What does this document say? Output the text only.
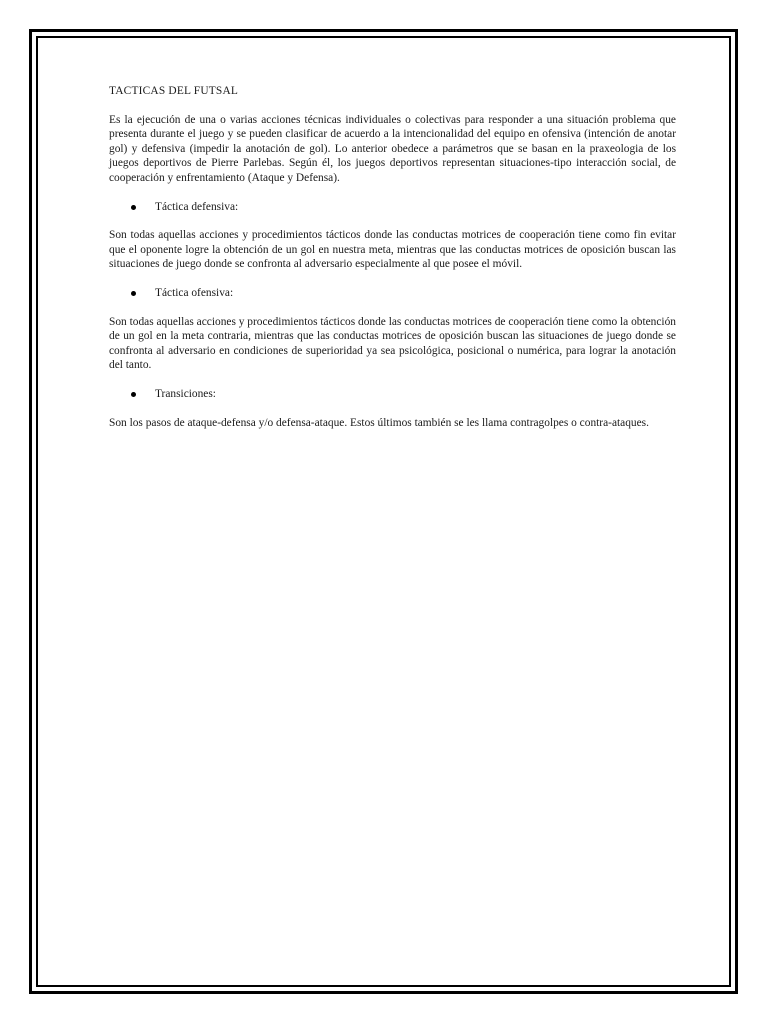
TACTICAS DEL FUTSAL

Es la ejecución de una o varias acciones técnicas individuales o colectivas para responder a una situación problema que presenta durante el juego y se pueden clasificar de acuerdo a la intencionalidad del equipo en ofensiva (intención de anotar gol) y defensiva (impedir la anotación de gol). Lo anterior obedece a parámetros que se basan en la praxeologia de los juegos deportivos de Pierre Parlebas. Según él, los juegos deportivos representan situaciones-tipo interacción social, de cooperación y enfrentamiento (Ataque y Defensa).

Táctica defensiva:

Son todas aquellas acciones y procedimientos tácticos donde las conductas motrices de cooperación tiene como fin evitar que el oponente logre la obtención de un gol en nuestra meta, mientras que las conductas motrices de oposición buscan las situaciones de juego donde se confronta al adversario especialmente al que posee el móvil.

Táctica ofensiva:

Son todas aquellas acciones y procedimientos tácticos donde las conductas motrices de cooperación tiene como la obtención de un gol en la meta contraria, mientras que las conductas motrices de oposición buscan las situaciones de juego donde se confronta al adversario en condiciones de superioridad ya sea psicológica, posicional o numérica, para lograr la anotación del tanto.

Transiciones:

Son los pasos de ataque-defensa y/o defensa-ataque. Estos últimos también se les llama contragolpes o contra-ataques.
